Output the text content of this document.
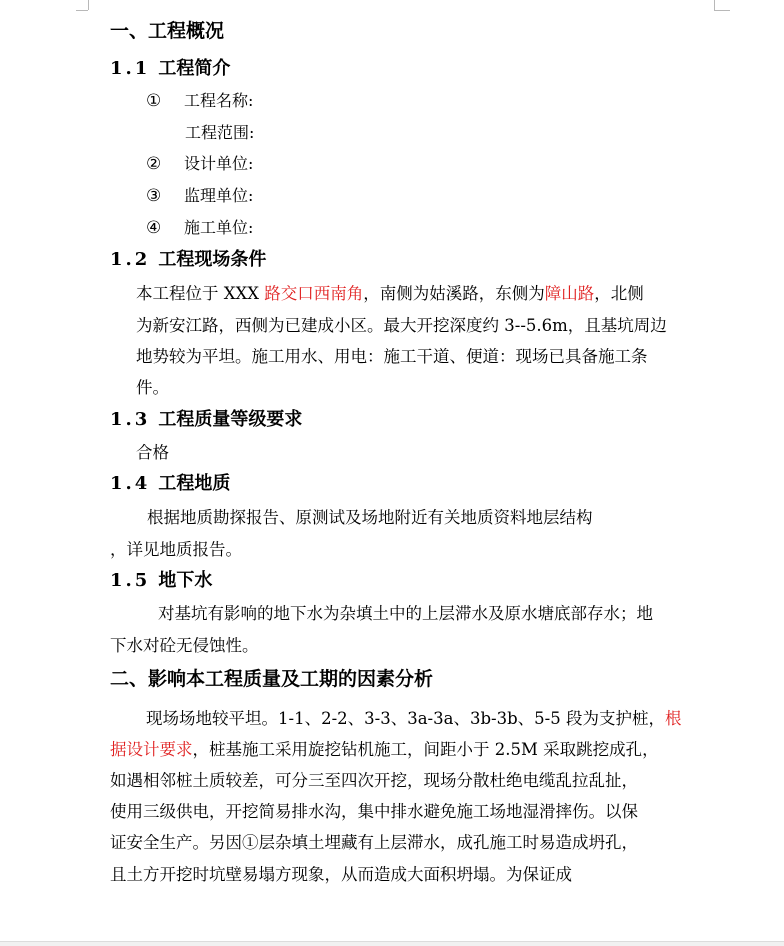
一、工程概况
1.1 工程简介
① 工程名称:
工程范围:
② 设计单位:
③ 监理单位:
④ 施工单位:
1.2 工程现场条件
本工程位于 XXX 路交口西南角，南侧为姑溪路，东侧为障山路，北侧
为新安江路，西侧为已建成小区。最大开挖深度约 3--5.6m，且基坑周边
地势较为平坦。施工用水、用电：施工干道、便道：现场已具备施工条
件。
1.3 工程质量等级要求
合格
1.4 工程地质
根据地质勘探报告、原测试及场地附近有关地质资料地层结构
，详见地质报告。
1.5 地下水
对基坑有影响的地下水为杂填土中的上层滞水及原水塘底部存水；地
下水对砼无侵蚀性。
二、影响本工程质量及工期的因素分析
现场场地较平坦。1-1、2-2、3-3、3a-3a、3b-3b、5-5 段为支护桩，根
据设计要求，桩基施工采用旋挖钻机施工，间距小于 2.5M 采取跳挖成孔，
如遇相邻桩土质较差，可分三至四次开挖，现场分散杜绝电缆乱拉乱扯，
使用三级供电，开挖简易排水沟，集中排水避免施工场地湿滑摔伤。以保
证安全生产。另因①层杂填土埋藏有上层滞水，成孔施工时易造成坍孔，
且土方开挖时坑壁易塌方现象，从而造成大面积坍塌。为保证成
